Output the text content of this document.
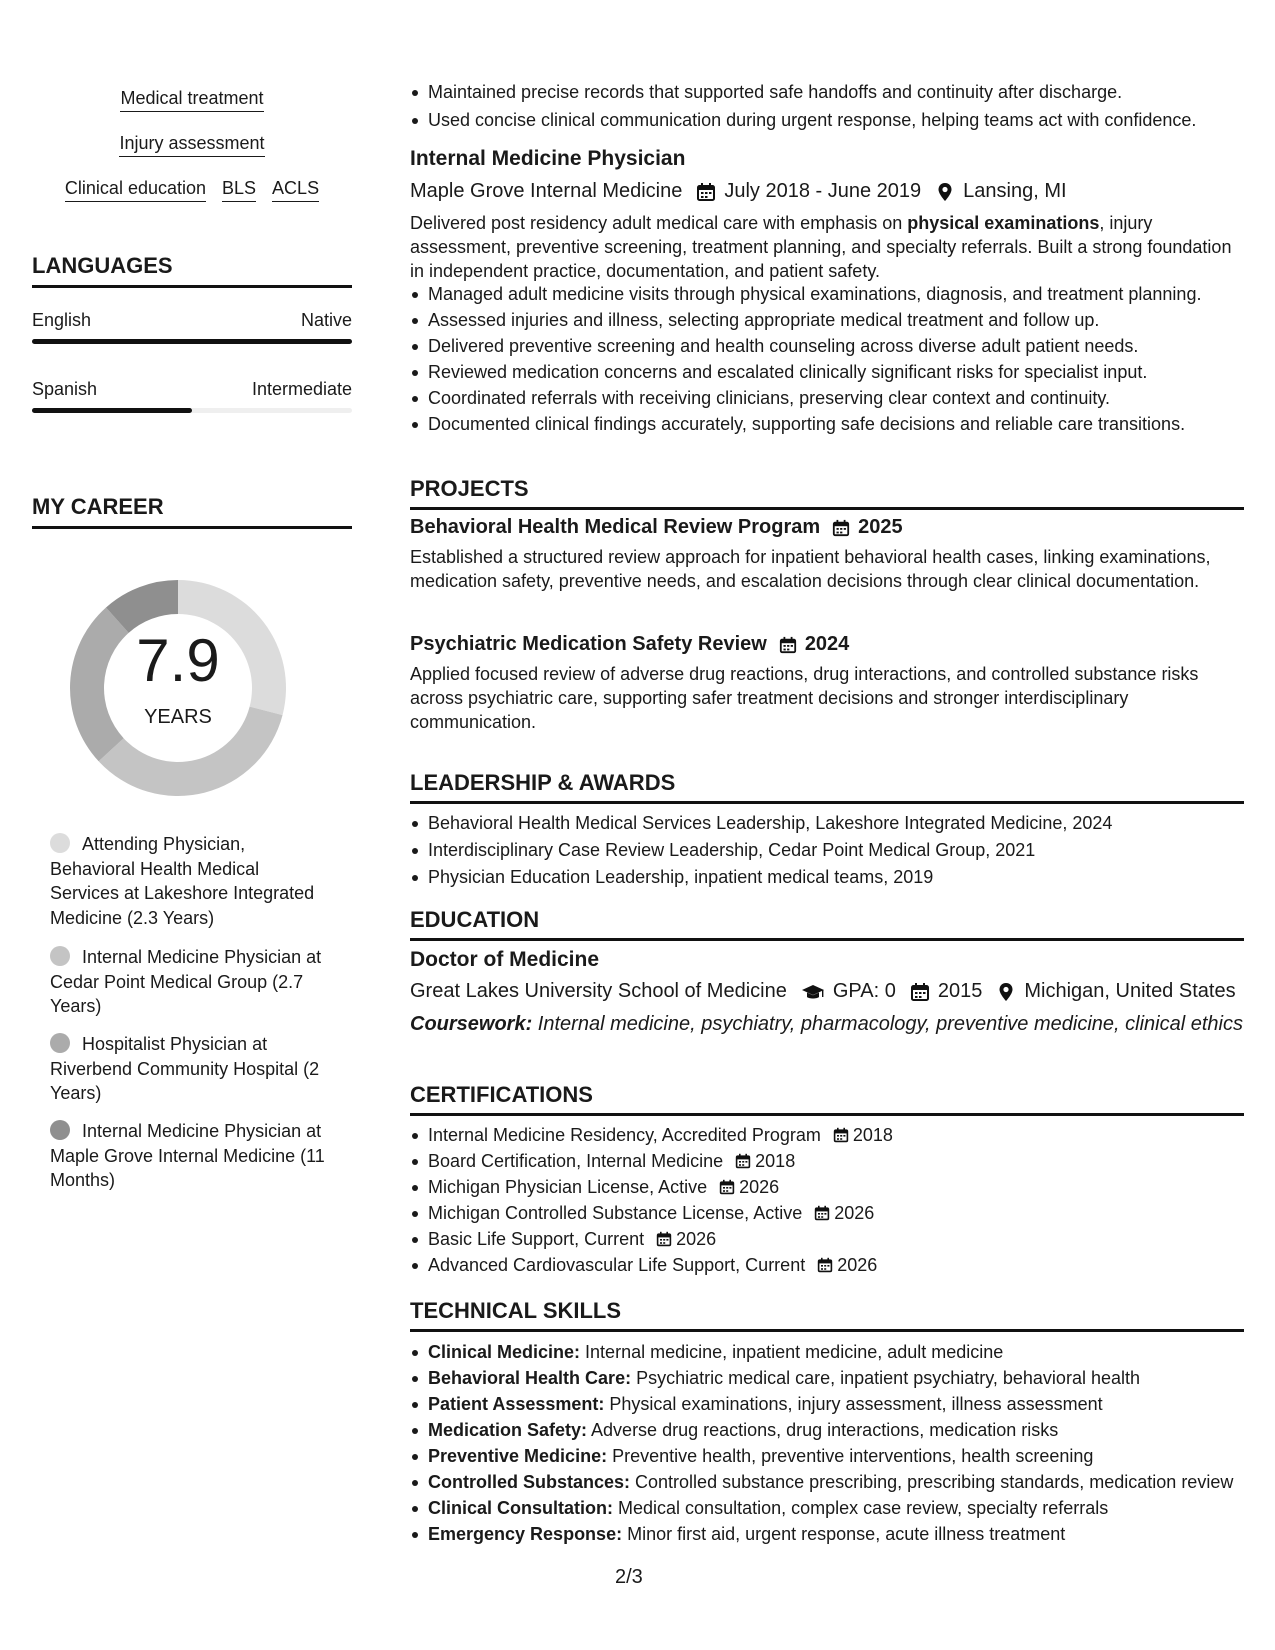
Medical treatment
Injury assessment
Clinical education BLS ACLS
LANGUAGES
English	Native
Spanish	Intermediate
MY CAREER
7.9
YEARS
Attending Physician, Behavioral Health Medical Services at Lakeshore Integrated Medicine (2.3 Years)
Internal Medicine Physician at Cedar Point Medical Group (2.7 Years)
Hospitalist Physician at Riverbend Community Hospital (2 Years)
Internal Medicine Physician at Maple Grove Internal Medicine (11 Months)
Maintained precise records that supported safe handoffs and continuity after discharge.
Used concise clinical communication during urgent response, helping teams act with confidence.
Internal Medicine Physician
Maple Grove Internal Medicine July 2018 - June 2019 Lansing, MI
Delivered post residency adult medical care with emphasis on physical examinations, injury assessment, preventive screening, treatment planning, and specialty referrals. Built a strong foundation in independent practice, documentation, and patient safety.
Managed adult medicine visits through physical examinations, diagnosis, and treatment planning.
Assessed injuries and illness, selecting appropriate medical treatment and follow up.
Delivered preventive screening and health counseling across diverse adult patient needs.
Reviewed medication concerns and escalated clinically significant risks for specialist input.
Coordinated referrals with receiving clinicians, preserving clear context and continuity.
Documented clinical findings accurately, supporting safe decisions and reliable care transitions.
PROJECTS
Behavioral Health Medical Review Program 2025
Established a structured review approach for inpatient behavioral health cases, linking examinations, medication safety, preventive needs, and escalation decisions through clear clinical documentation.
Psychiatric Medication Safety Review 2024
Applied focused review of adverse drug reactions, drug interactions, and controlled substance risks across psychiatric care, supporting safer treatment decisions and stronger interdisciplinary communication.
LEADERSHIP & AWARDS
Behavioral Health Medical Services Leadership, Lakeshore Integrated Medicine, 2024
Interdisciplinary Case Review Leadership, Cedar Point Medical Group, 2021
Physician Education Leadership, inpatient medical teams, 2019
EDUCATION
Doctor of Medicine
Great Lakes University School of Medicine GPA: 0 2015 Michigan, United States
Coursework: Internal medicine, psychiatry, pharmacology, preventive medicine, clinical ethics
CERTIFICATIONS
Internal Medicine Residency, Accredited Program 2018
Board Certification, Internal Medicine 2018
Michigan Physician License, Active 2026
Michigan Controlled Substance License, Active 2026
Basic Life Support, Current 2026
Advanced Cardiovascular Life Support, Current 2026
TECHNICAL SKILLS
Clinical Medicine: Internal medicine, inpatient medicine, adult medicine
Behavioral Health Care: Psychiatric medical care, inpatient psychiatry, behavioral health
Patient Assessment: Physical examinations, injury assessment, illness assessment
Medication Safety: Adverse drug reactions, drug interactions, medication risks
Preventive Medicine: Preventive health, preventive interventions, health screening
Controlled Substances: Controlled substance prescribing, prescribing standards, medication review
Clinical Consultation: Medical consultation, complex case review, specialty referrals
Emergency Response: Minor first aid, urgent response, acute illness treatment
2/3
